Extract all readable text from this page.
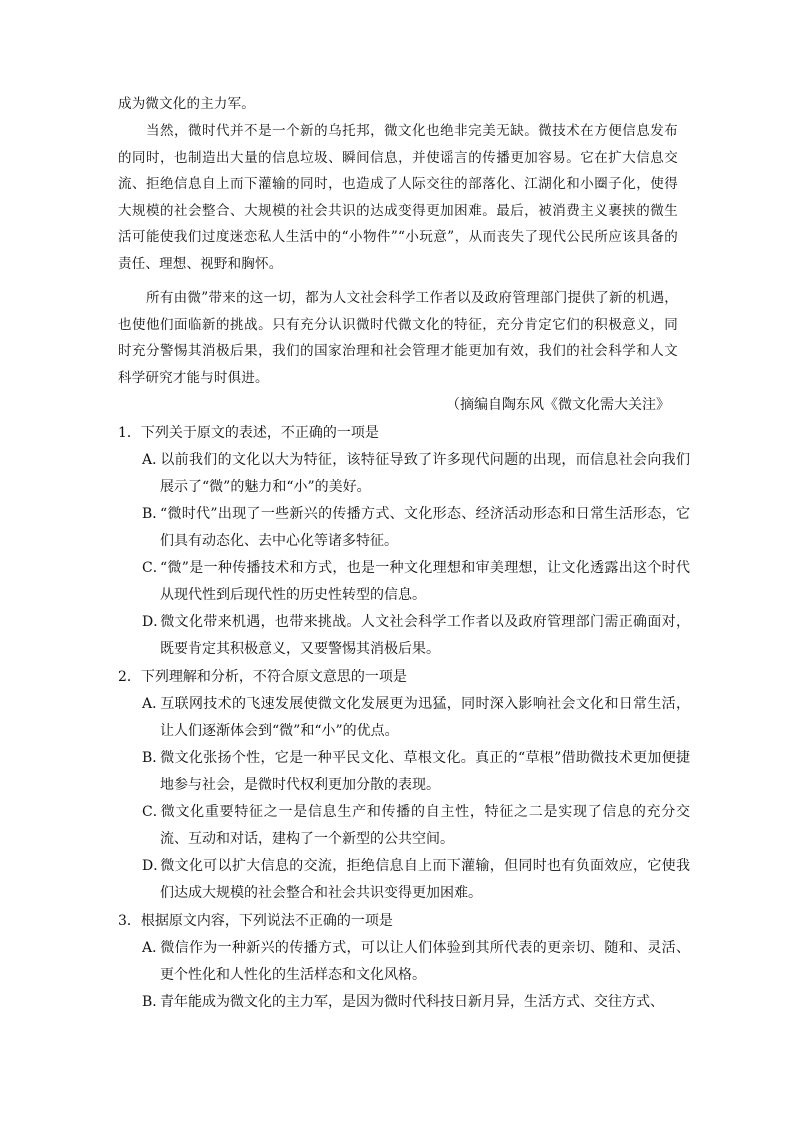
成为微文化的主力军。
当然，微时代并不是一个新的乌托邦，微文化也绝非完美无缺。微技术在方便信息发布的同时，也制造出大量的信息垃圾、瞬间信息，并使谣言的传播更加容易。它在扩大信息交流、拒绝信息自上而下灌输的同时，也造成了人际交往的部落化、江湖化和小圈子化，使得大规模的社会整合、大规模的社会共识的达成变得更加困难。最后，被消费主义裹挟的微生活可能使我们过度迷恋私人生活中的“小物件”“小玩意”，从而丧失了现代公民所应该具备的责任、理想、视野和胸怀。
所有由微”带来的这一切，都为人文社会科学工作者以及政府管理部门提供了新的机遇，也使他们面临新的挑战。只有充分认识微时代微文化的特征，充分肯定它们的积极意义，同时充分警惕其消极后果，我们的国家治理和社会管理才能更加有效，我们的社会科学和人文科学研究才能与时俱进。
（摘编自陶东风《微文化需大关注》
1．下列关于原文的表述，不正确的一项是
A．以前我们的文化以大为特征，该特征导致了许多现代问题的出现，而信息社会向我们展示了“微”的魅力和“小”的美好。
B．“微时代”出现了一些新兴的传播方式、文化形态、经济活动形态和日常生活形态，它们具有动态化、去中心化等诸多特征。
C．“微”是一种传播技术和方式，也是一种文化理想和审美理想，让文化透露出这个时代从现代性到后现代性的历史性转型的信息。
D．微文化带来机遇，也带来挑战。人文社会科学工作者以及政府管理部门需正确面对，既要肯定其积极意义，又要警惕其消极后果。
2．下列理解和分析，不符合原文意思的一项是
A．互联网技术的飞速发展使微文化发展更为迅猛，同时深入影响社会文化和日常生活，让人们逐渐体会到“微”和“小”的优点。
B．微文化张扬个性，它是一种平民文化、草根文化。真正的“草根”借助微技术更加便捷地参与社会，是微时代权利更加分散的表现。
C．微文化重要特征之一是信息生产和传播的自主性，特征之二是实现了信息的充分交流、互动和对话，建构了一个新型的公共空间。
D．微文化可以扩大信息的交流，拒绝信息自上而下灌输，但同时也有负面效应，它使我们达成大规模的社会整合和社会共识变得更加困难。
3．根据原文内容，下列说法不正确的一项是
A．微信作为一种新兴的传播方式，可以让人们体验到其所代表的更亲切、随和、灵活、更个性化和人性化的生活样态和文化风格。
B．青年能成为微文化的主力军，是因为微时代科技日新月异，生活方式、交往方式、
